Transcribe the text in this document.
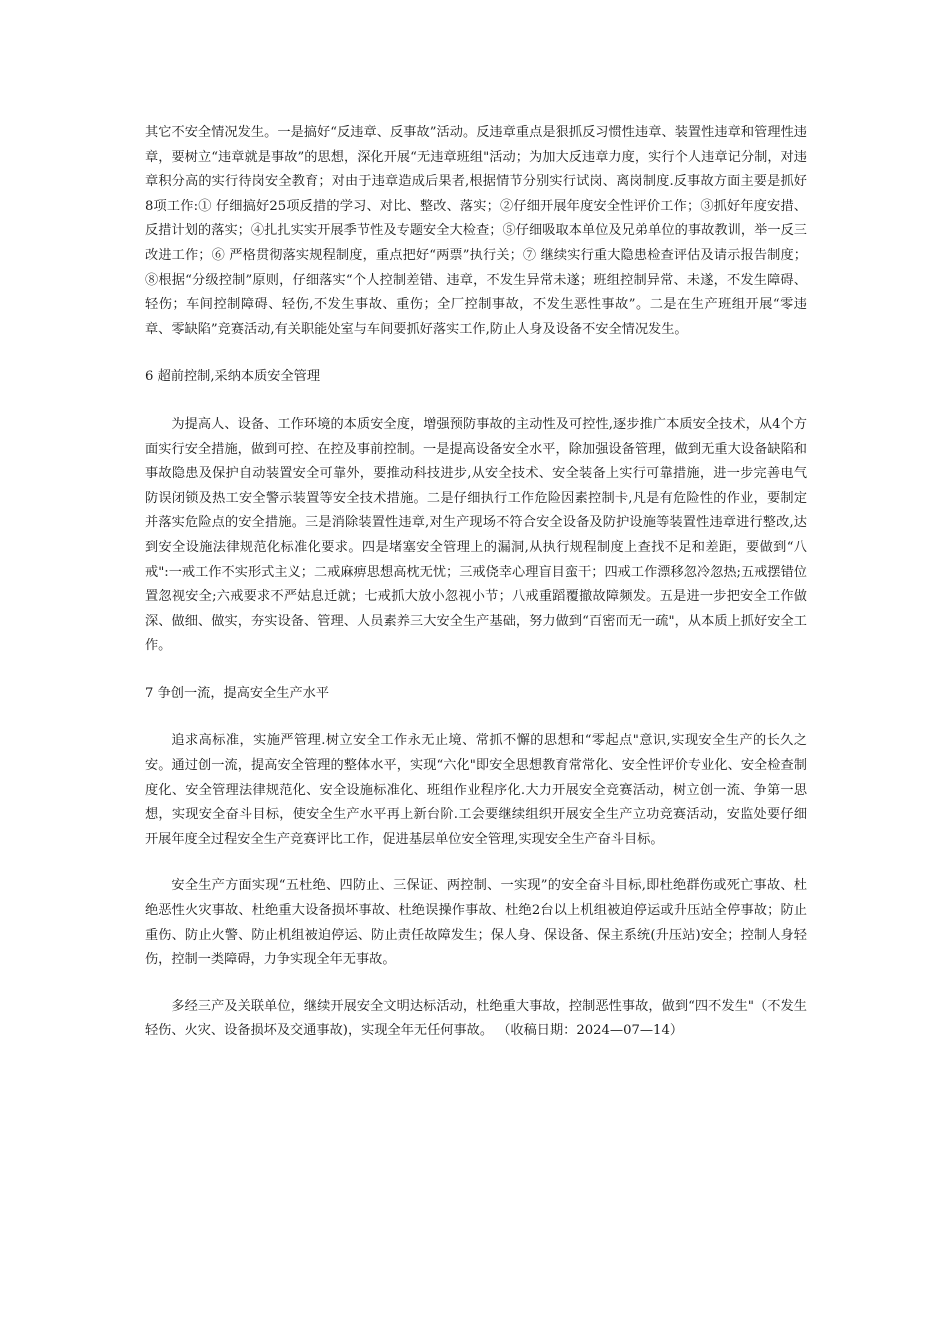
其它不安全情况发生。一是搞好“反违章、反事故”活动。反违章重点是狠抓反习惯性违章、装置性违章和管理性违章，要树立“违章就是事故”的思想，深化开展“无违章班组"活动；为加大反违章力度，实行个人违章记分制，对违章积分高的实行待岗安全教育；对由于违章造成后果者,根据情节分别实行试岗、离岗制度.反事故方面主要是抓好8项工作:① 仔细搞好25项反措的学习、对比、整改、落实；②仔细开展年度安全性评价工作；③抓好年度安措、反措计划的落实；④扎扎实实开展季节性及专题安全大检查；⑤仔细吸取本单位及兄弟单位的事故教训，举一反三改进工作；⑥ 严格贯彻落实规程制度，重点把好“两票”执行关；⑦ 继续实行重大隐患检查评估及请示报告制度；⑧根据“分级控制”原则，仔细落实“个人控制差错、违章，不发生异常未遂；班组控制异常、未遂，不发生障碍、轻伤；车间控制障碍、轻伤,不发生事故、重伤；全厂控制事故，不发生恶性事故”。二是在生产班组开展“零违章、零缺陷”竞赛活动,有关职能处室与车间要抓好落实工作,防止人身及设备不安全情况发生。

6 超前控制,采纳本质安全管理

为提高人、设备、工作环境的本质安全度，增强预防事故的主动性及可控性,逐步推广本质安全技术，从4个方面实行安全措施，做到可控、在控及事前控制。一是提高设备安全水平，除加强设备管理，做到无重大设备缺陷和事故隐患及保护自动装置安全可靠外，要推动科技进步,从安全技术、安全装备上实行可靠措施，进一步完善电气防误闭锁及热工安全警示装置等安全技术措施。二是仔细执行工作危险因素控制卡,凡是有危险性的作业，要制定并落实危险点的安全措施。三是消除装置性违章,对生产现场不符合安全设备及防护设施等装置性违章进行整改,达到安全设施法律规范化标准化要求。四是堵塞安全管理上的漏洞,从执行规程制度上查找不足和差距，要做到“八戒":一戒工作不实形式主义；二戒麻痹思想高枕无忧；三戒侥幸心理盲目蛮干；四戒工作漂移忽冷忽热;五戒摆错位置忽视安全;六戒要求不严姑息迁就；七戒抓大放小忽视小节；八戒重蹈覆撤故障频发。五是进一步把安全工作做深、做细、做实，夯实设备、管理、人员素养三大安全生产基础，努力做到“百密而无一疏"，从本质上抓好安全工作。

7 争创一流，提高安全生产水平

追求高标准，实施严管理.树立安全工作永无止境、常抓不懈的思想和“零起点"意识,实现安全生产的长久之安。通过创一流，提高安全管理的整体水平，实现“六化"即安全思想教育常常化、安全性评价专业化、安全检查制度化、安全管理法律规范化、安全设施标准化、班组作业程序化.大力开展安全竞赛活动，树立创一流、争第一思想，实现安全奋斗目标，使安全生产水平再上新台阶.工会要继续组织开展安全生产立功竞赛活动，安监处要仔细开展年度全过程安全生产竞赛评比工作，促进基层单位安全管理,实现安全生产奋斗目标。

安全生产方面实现“五杜绝、四防止、三保证、两控制、一实现”的安全奋斗目标,即杜绝群伤或死亡事故、杜绝恶性火灾事故、杜绝重大设备损坏事故、杜绝误操作事故、杜绝2台以上机组被迫停运或升压站全停事故；防止重伤、防止火警、防止机组被迫停运、防止责任故障发生；保人身、保设备、保主系统(升压站)安全；控制人身轻伤，控制一类障碍，力争实现全年无事故。

多经三产及关联单位，继续开展安全文明达标活动，杜绝重大事故，控制恶性事故，做到“四不发生"（不发生轻伤、火灾、设备损坏及交通事故)，实现全年无任何事故。 （收稿日期：2024—07—14）
